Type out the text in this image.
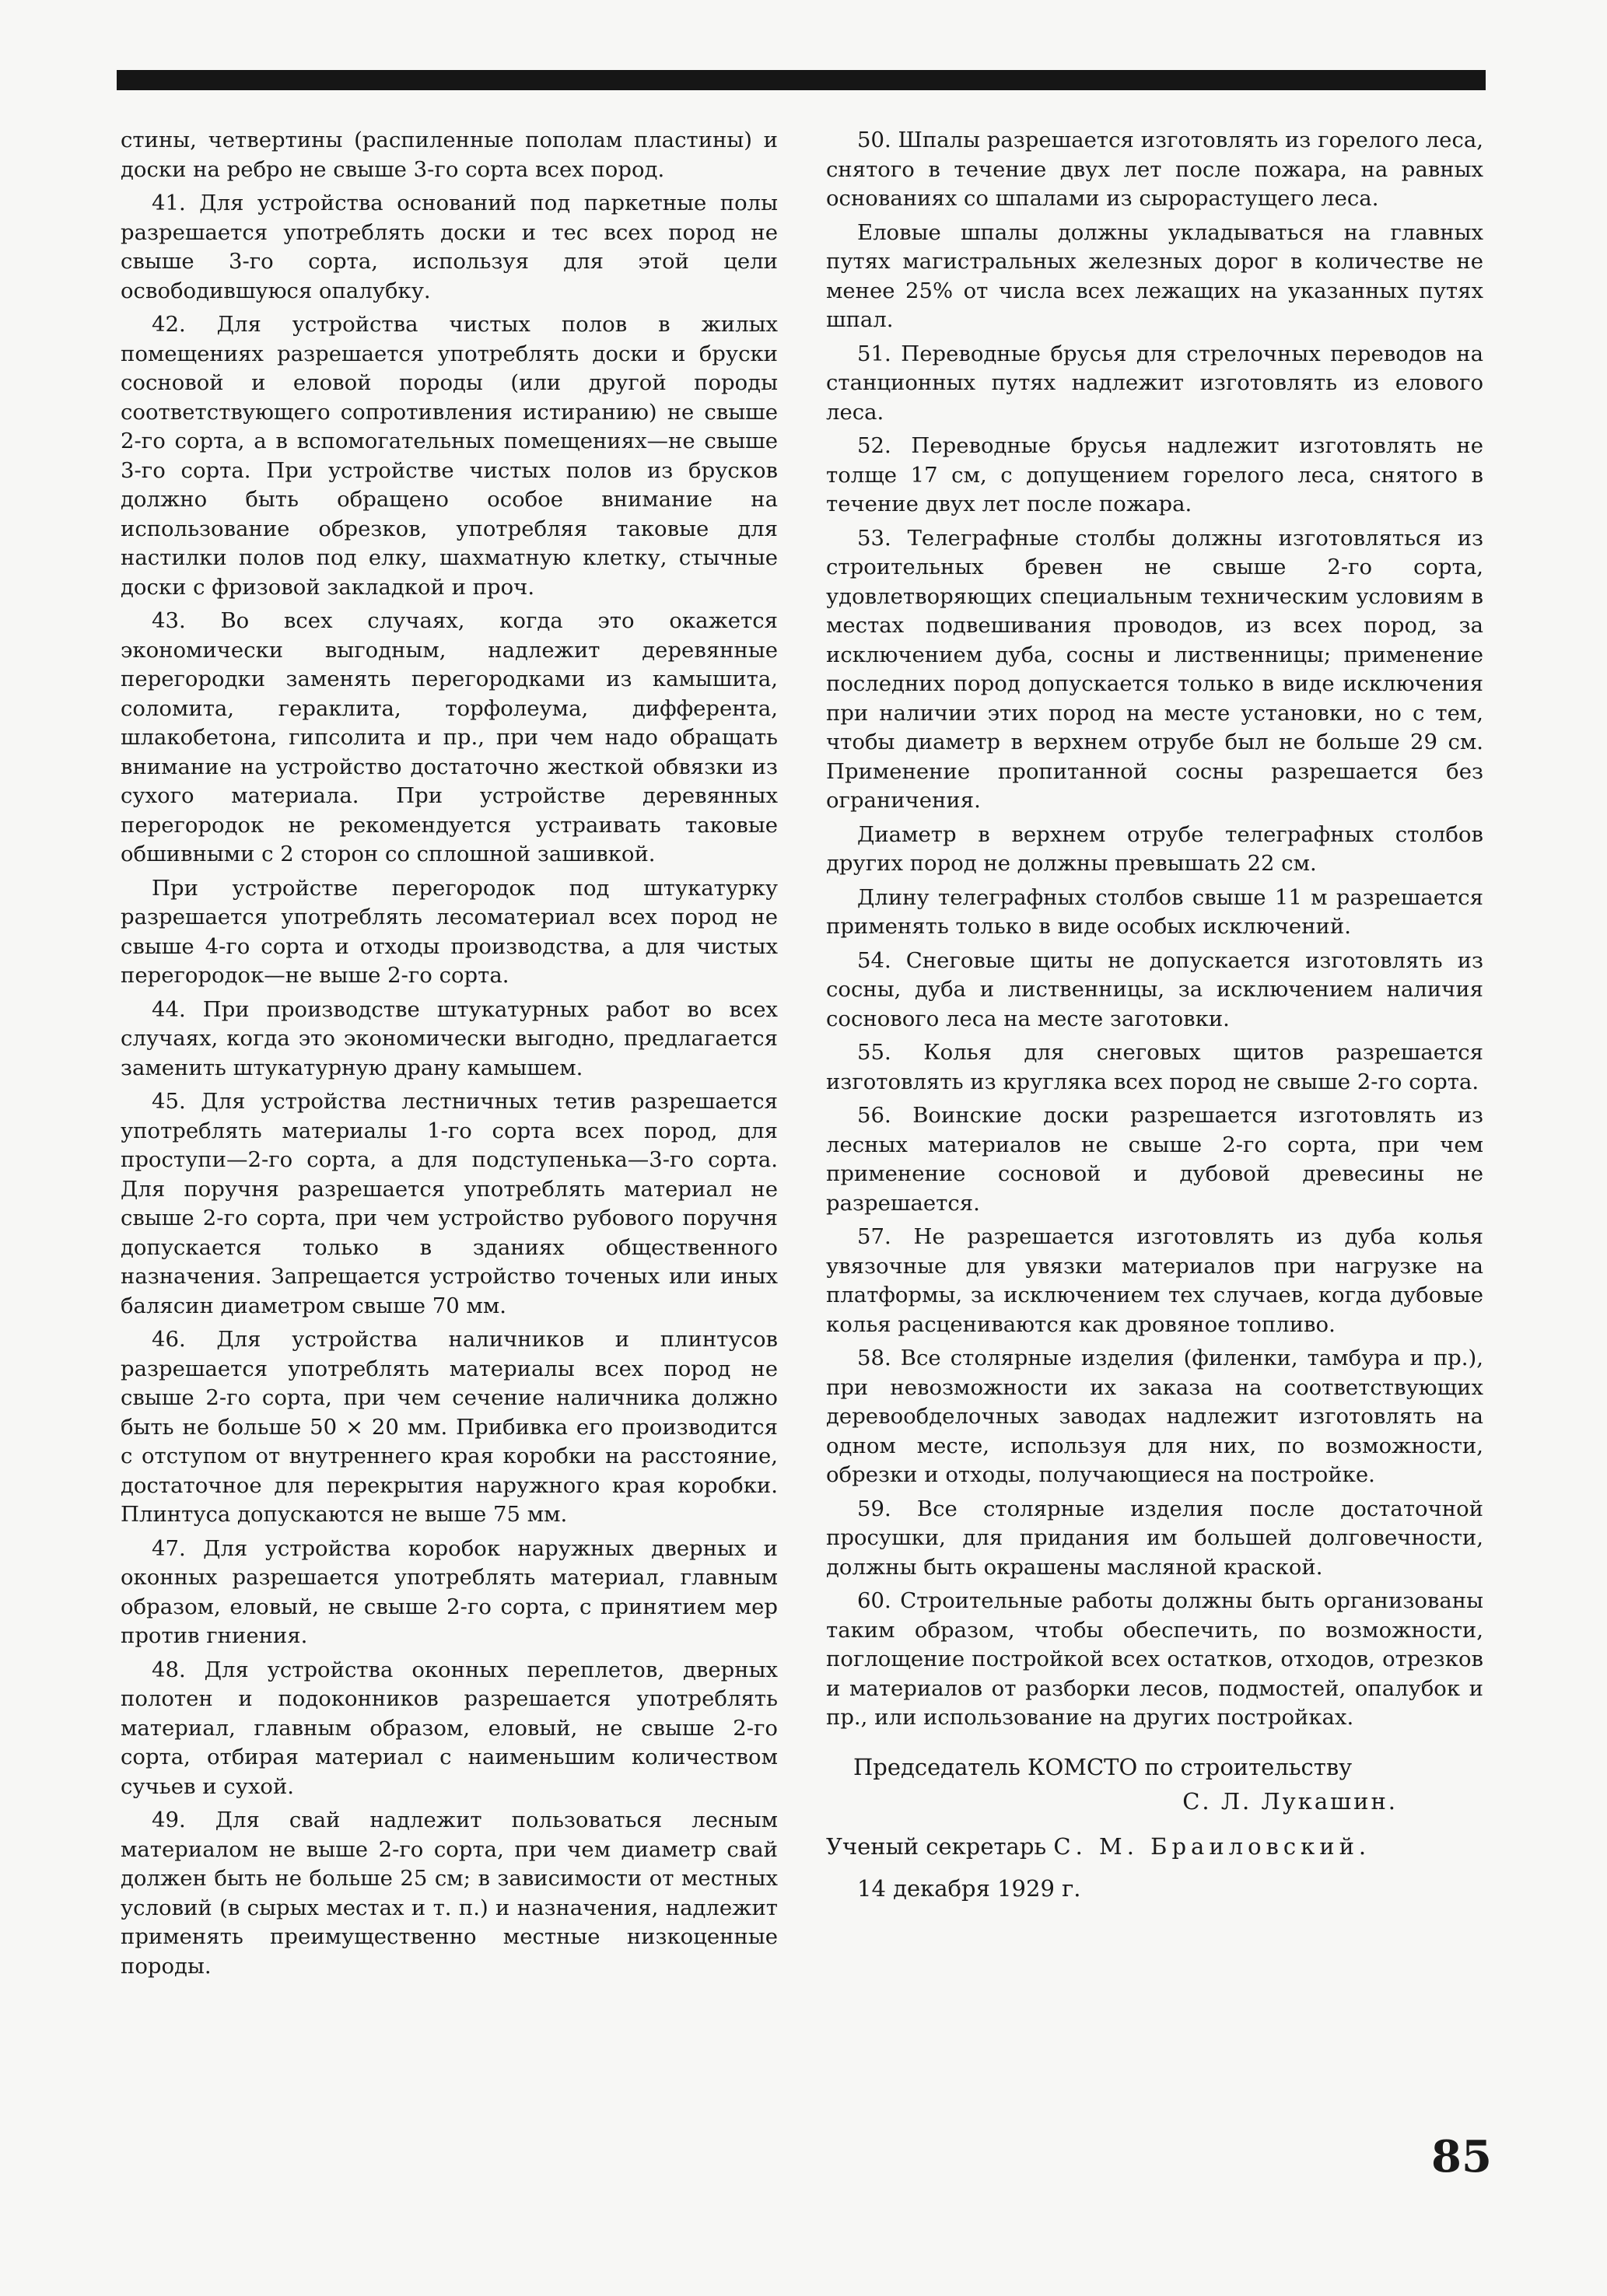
стины, четвертины (распиленные пополам пластины) и доски на ребро не свыше 3-го сорта всех пород.

41. Для устройства оснований под паркетные полы разрешается употреблять доски и тес всех пород не свыше 3-го сорта, используя для этой цели освободившуюся опалубку.

42. Для устройства чистых полов в жилых помещениях разрешается употреблять доски и бруски сосновой и еловой породы (или другой породы соответствующего сопротивления истиранию) не свыше 2-го сорта, а в вспомогательных помещениях—не свыше 3-го сорта. При устройстве чистых полов из брусков должно быть обращено особое внимание на использование обрезков, употребляя таковые для настилки полов под елку, шахматную клетку, стычные доски с фризовой закладкой и проч.

43. Во всех случаях, когда это окажется экономически выгодным, надлежит деревянные перегородки заменять перегородками из камышита, соломита, гераклита, торфолеума, дифферента, шлакобетона, гипсолита и пр., при чем надо обращать внимание на устройство достаточно жесткой обвязки из сухого материала. При устройстве деревянных перегородок не рекомендуется устраивать таковые обшивными с 2 сторон со сплошной зашивкой.

При устройстве перегородок под штукатурку разрешается употреблять лесоматериал всех пород не свыше 4-го сорта и отходы производства, а для чистых перегородок—не выше 2-го сорта.

44. При производстве штукатурных работ во всех случаях, когда это экономически выгодно, предлагается заменить штукатурную драну камышем.

45. Для устройства лестничных тетив разрешается употреблять материалы 1-го сорта всех пород, для проступи—2-го сорта, а для подступенька—3-го сорта. Для поручня разрешается употреблять материал не свыше 2-го сорта, при чем устройство рубового поручня допускается только в зданиях общественного назначения. Запрещается устройство точеных или иных балясин диаметром свыше 70 мм.

46. Для устройства наличников и плинтусов разрешается употреблять материалы всех пород не свыше 2-го сорта, при чем сечение наличника должно быть не больше 50 × 20 мм. Прибивка его производится с отступом от внутреннего края коробки на расстояние, достаточное для перекрытия наружного края коробки. Плинтуса допускаются не выше 75 мм.

47. Для устройства коробок наружных дверных и оконных разрешается употреблять материал, главным образом, еловый, не свыше 2-го сорта, с принятием мер против гниения.

48. Для устройства оконных переплетов, дверных полотен и подоконников разрешается употреблять материал, главным образом, еловый, не свыше 2-го сорта, отбирая материал с наименьшим количеством сучьев и сухой.

49. Для свай надлежит пользоваться лесным материалом не выше 2-го сорта, при чем диаметр свай должен быть не больше 25 см; в зависимости от местных условий (в сырых местах и т. п.) и назначения, надлежит применять преимущественно местные низкоценные породы.

50. Шпалы разрешается изготовлять из горелого леса, снятого в течение двух лет после пожара, на равных основаниях со шпалами из сырорастущего леса.

Еловые шпалы должны укладываться на главных путях магистральных железных дорог в количестве не менее 25% от числа всех лежащих на указанных путях шпал.

51. Переводные брусья для стрелочных переводов на станционных путях надлежит изготовлять из елового леса.

52. Переводные брусья надлежит изготовлять не толще 17 см, с допущением горелого леса, снятого в течение двух лет после пожара.

53. Телеграфные столбы должны изготовляться из строительных бревен не свыше 2-го сорта, удовлетворяющих специальным техническим условиям в местах подвешивания проводов, из всех пород, за исключением дуба, сосны и лиственницы; применение последних пород допускается только в виде исключения при наличии этих пород на месте установки, но с тем, чтобы диаметр в верхнем отрубе был не больше 29 см. Применение пропитанной сосны разрешается без ограничения.

Диаметр в верхнем отрубе телеграфных столбов других пород не должны превышать 22 см.

Длину телеграфных столбов свыше 11 м разрешается применять только в виде особых исключений.

54. Снеговые щиты не допускается изготовлять из сосны, дуба и лиственницы, за исключением наличия соснового леса на месте заготовки.

55. Колья для снеговых щитов разрешается изготовлять из кругляка всех пород не свыше 2-го сорта.

56. Воинские доски разрешается изготовлять из лесных материалов не свыше 2-го сорта, при чем применение сосновой и дубовой древесины не разрешается.

57. Не разрешается изготовлять из дуба колья увязочные для увязки материалов при нагрузке на платформы, за исключением тех случаев, когда дубовые колья расцениваются как дровяное топливо.

58. Все столярные изделия (филенки, тамбура и пр.), при невозможности их заказа на соответствующих деревообделочных заводах надлежит изготовлять на одном месте, используя для них, по возможности, обрезки и отходы, получающиеся на постройке.

59. Все столярные изделия после достаточной просушки, для придания им большей долговечности, должны быть окрашены масляной краской.

60. Строительные работы должны быть организованы таким образом, чтобы обеспечить, по возможности, поглощение постройкой всех остатков, отходов, отрезков и материалов от разборки лесов, подмостей, опалубок и пр., или использование на других постройках.

Председатель КОМСТО по строительству
С. Л. Лукашин.
Ученый секретарь С. М. Браиловский.
14 декабря 1929 г.
85
